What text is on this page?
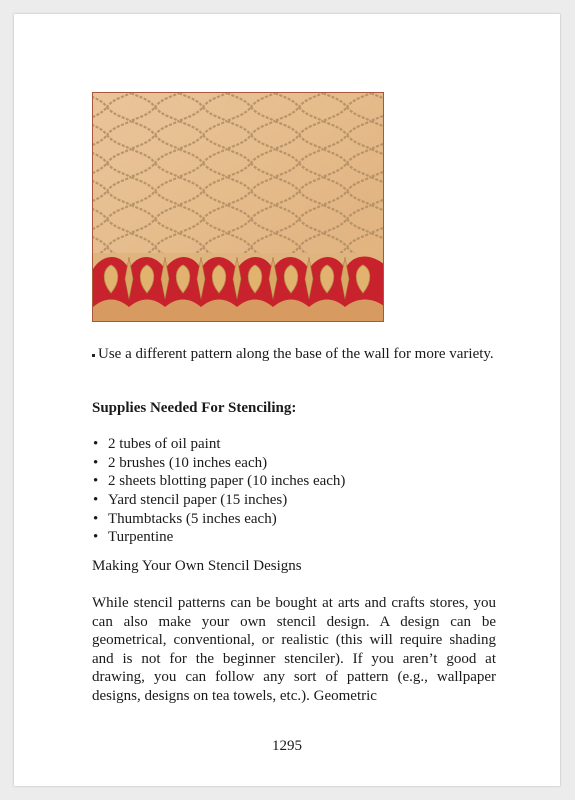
Use a different pattern along the base of the wall for more variety.
Supplies Needed For Stenciling:
• 2 tubes of oil paint
• 2 brushes (10 inches each)
• 2 sheets blotting paper (10 inches each)
• Yard stencil paper (15 inches)
• Thumbtacks (5 inches each)
• Turpentine
Making Your Own Stencil Designs
While stencil patterns can be bought at arts and crafts stores, you can also make your own stencil design. A design can be geometrical, conventional, or realistic (this will require shading and is not for the beginner stenciler). If you aren’t good at drawing, you can follow any sort of pattern (e.g., wallpaper designs, designs on tea towels, etc.). Geometric
1295
